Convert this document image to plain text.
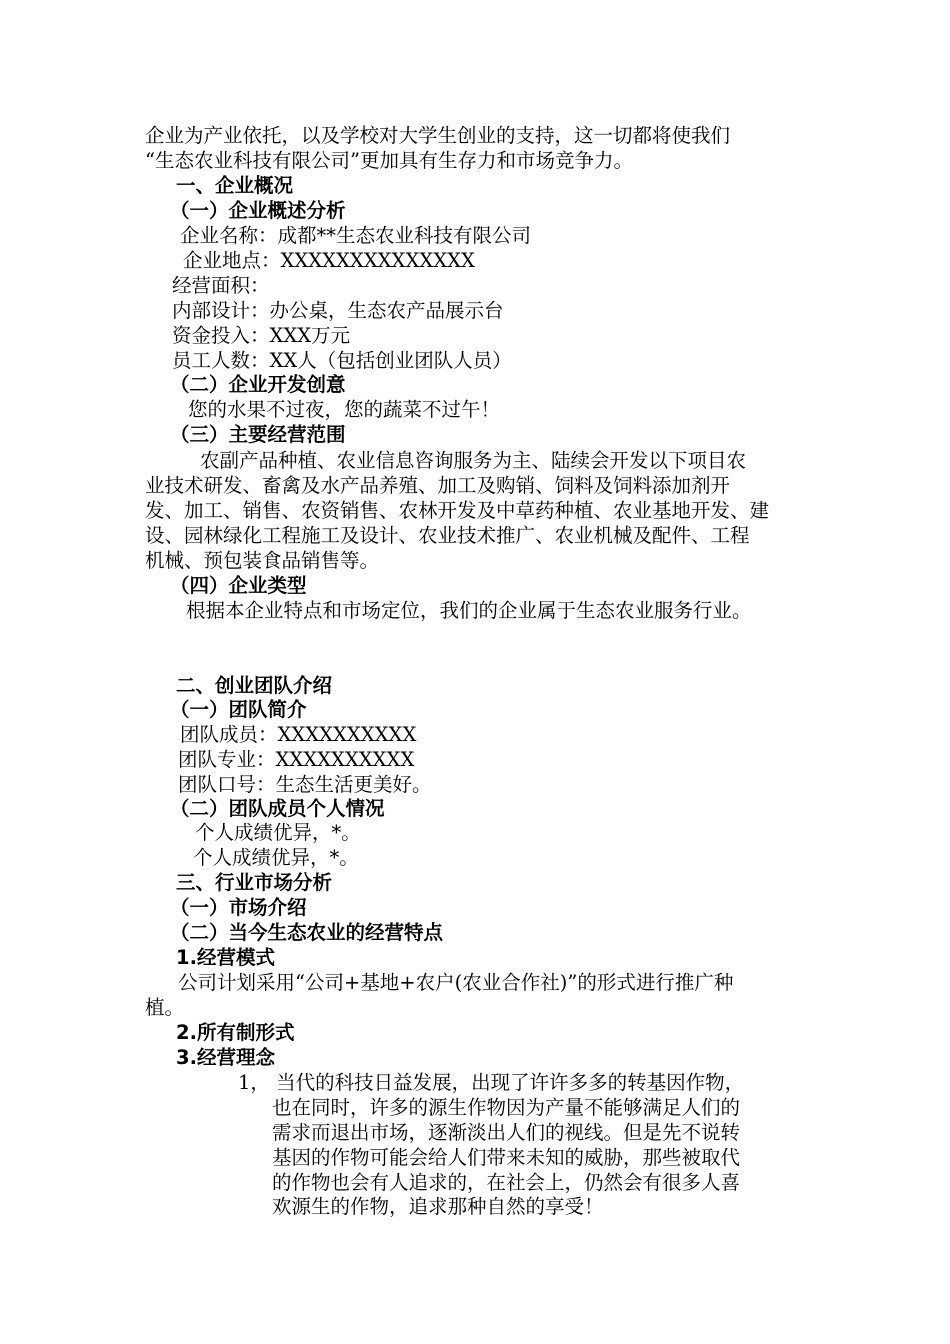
企业为产业依托，以及学校对大学生创业的支持，这一切都将使我们
“生态农业科技有限公司”更加具有生存力和市场竞争力。
一、企业概况
（一）企业概述分析
企业名称：成都**生态农业科技有限公司
企业地点：XXXXXXXXXXXXXX
经营面积：
内部设计：办公桌，生态农产品展示台
资金投入：XXX万元
员工人数：XX人（包括创业团队人员）
（二）企业开发创意
您的水果不过夜，您的蔬菜不过午！
（三）主要经营范围
农副产品种植、农业信息咨询服务为主、陆续会开发以下项目农
业技术研发、畜禽及水产品养殖、加工及购销、饲料及饲料添加剂开
发、加工、销售、农资销售、农林开发及中草药种植、农业基地开发、建
设、园林绿化工程施工及设计、农业技术推广、农业机械及配件、工程
机械、预包装食品销售等。
（四）企业类型
根据本企业特点和市场定位，我们的企业属于生态农业服务行业。
二、创业团队介绍
（一）团队简介
团队成员：XXXXXXXXXX
团队专业：XXXXXXXXXX
团队口号：生态生活更美好。
（二）团队成员个人情况
个人成绩优异，*。
个人成绩优异，*。
三、行业市场分析
（一）市场介绍
（二）当今生态农业的经营特点
1.经营模式
公司计划采用“公司+基地+农户(农业合作社)”的形式进行推广种
植。
2.所有制形式
3.经营理念
1， 当代的科技日益发展，出现了许许多多的转基因作物，
也在同时，许多的源生作物因为产量不能够满足人们的
需求而退出市场，逐渐淡出人们的视线。但是先不说转
基因的作物可能会给人们带来未知的威胁，那些被取代
的作物也会有人追求的，在社会上，仍然会有很多人喜
欢源生的作物，追求那种自然的享受！
